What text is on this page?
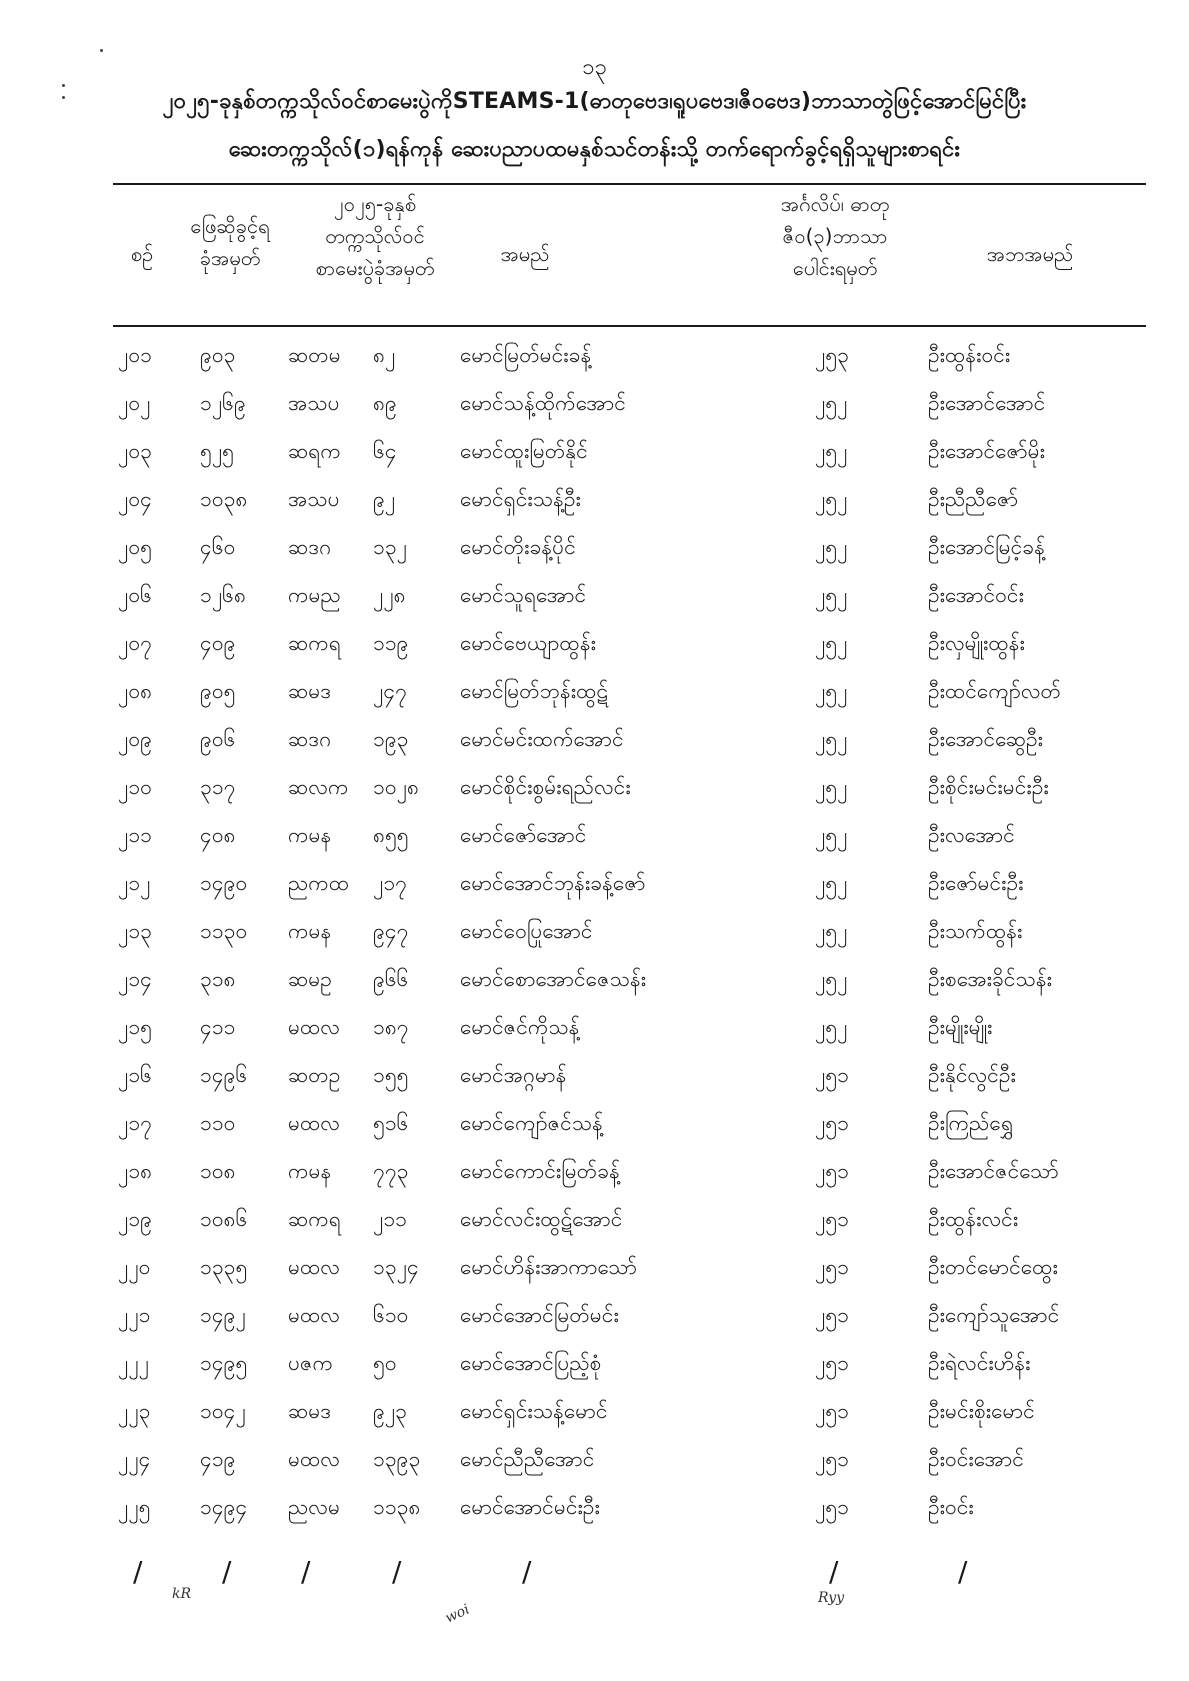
၁၃
၂၀၂၅-ခုနှစ်တက္ကသိုလ်ဝင်စာမေးပွဲကိုSTEAMS-1(ဓာတုဗေဒ၊ရူပဗေဒ၊ဇီဝဗေဒ)ဘာသာတွဲဖြင့်အောင်မြင်ပြီး
ဆေးတက္ကသိုလ်(၁)ရန်ကုန် ဆေးပညာပထမနှစ်သင်တန်းသို့ တက်ရောက်ခွင့်ရရှိသူများစာရင်း
စဉ်
ဖြေဆိုခွင့်ရ
ခုံအမှတ်
၂၀၂၅-ခုနှစ်
တက္ကသိုလ်ဝင်
စာမေးပွဲခုံအမှတ်
အမည်
အင်္ဂလိပ်၊ ဓာတု
ဇီဝ(၃)ဘာသာ
ပေါင်းရမှတ်
အဘအမည်
၂၀၁ ၉၀၃	ဆတမ ၈၂	မောင်မြတ်မင်းခန့်	၂၅၃	ဦးထွန်းဝင်း
၂၀၂ ၁၂၆၉ အသပ ၈၉	မောင်သန့်ထိုက်အောင်	၂၅၂	ဦးအောင်အောင်
၂၀၃ ၅၂၅	ဆရက ၆၄	မောင်ထူးမြတ်နိုင်	၂၅၂	ဦးအောင်ဇော်မိုး
၂၀၄ ၁၀၃၈ အသပ ၉၂	မောင်ရှင်းသန့်ဦး	၂၅၂	ဦးညီညီဇော်
၂၀၅ ၄၆၀	ဆဒဂ ၁၃၂	မောင်တိုးခန့်ပိုင်	၂၅၂	ဦးအောင်မြင့်ခန့်
၂၀၆ ၁၂၆၈ ကမည ၂၂၈	မောင်သူရအောင်	၂၅၂	ဦးအောင်ဝင်း
၂၀၇ ၄၀၉	ဆကရ ၁၁၉ မောင်ဗေယျာထွန်း	၂၅၂	ဦးလှမျိုးထွန်း
၂၀၈ ၉၀၅	ဆမဒ ၂၄၇	မောင်မြတ်ဘုန်းထွဋ်	၂၅၂	ဦးထင်ကျော်လတ်
၂၀၉ ၉၀၆	ဆဒဂ ၁၉၃ မောင်မင်းထက်အောင်	၂၅၂	ဦးအောင်ဆွေဦး
၂၁၀ ၃၁၇	ဆလက ၁၀၂၈ မောင်စိုင်းစွမ်းရည်လင်း	၂၅၂	ဦးစိုင်းမင်းမင်းဦး
၂၁၁ ၄၀၈ ကမန ၈၅၅ မောင်ဇော်အောင်	၂၅၂	ဦးလအောင်
၂၁၂ ၁၄၉၀ ညကထ ၂၁၇	မောင်အောင်ဘုန်းခန့်ဇော်	၂၅၂	ဦးဇော်မင်းဦး
၂၁၃ ၁၁၃၀ ကမန ၉၄၇ မောင်ဝေပြုအောင်	၂၅၂	ဦးသက်ထွန်း
၂၁၄ ၃၁၈ ဆမဥ ၉၆၆ မောင်စောအောင်ဇေသန်း	၂၅၂	ဦးစအေးခိုင်သန်း
၂၁၅ ၄၁၁	မထလ ၁၈၇ မောင်ဇင်ကိုသန့်	၂၅၂	ဦးမျိုးမျိုး
၂၁၆ ၁၄၉၆ ဆတဥ ၁၅၅ မောင်အဂ္ဂမာန်	၂၅၁	ဦးနိုင်လွင်ဦး
၂၁၇ ၁၁၀	မထလ ၅၁၆ မောင်ကျော်ဇင်သန့်	၂၅၁	ဦးကြည်ရွှေ
၂၁၈ ၁၀၈ ကမန ၇၇၃ မောင်ကောင်းမြတ်ခန့်	၂၅၁	ဦးအောင်ဇင်သော်
၂၁၉ ၁၀၈၆ ဆကရ ၂၁၁	မောင်လင်းထွဋ်အောင်	၂၅၁	ဦးထွန်းလင်း
၂၂၀ ၁၃၃၅ မထလ ၁၃၂၄ မောင်ဟိန်းအာကာသော်	၂၅၁	ဦးတင်မောင်ထွေး
၂၂၁ ၁၄၉၂ မထလ ၆၁၀ မောင်အောင်မြတ်မင်း	၂၅၁	ဦးကျော်သူအောင်
၂၂၂ ၁၄၉၅ ပဇက ၅၀	မောင်အောင်ပြည့်စုံ	၂၅၁	ဦးရဲလင်းဟိန်း
၂၂၃ ၁၀၄၂ ဆမဒ ၉၂၃	မောင်ရှင်းသန့်မောင်	၂၅၁	ဦးမင်းစိုးမောင်
၂၂၄ ၄၁၉	မထလ ၁၃၉၃ မောင်ညီညီအောင်	၂၅၁	ဦးဝင်းအောင်
၂၂၅ ၁၄၉၄ ညလမ ၁၁၃၈ မောင်အောင်မင်းဦး	၂၅၁	ဦးဝင်း
/	/ /	/	/	/	/
kR
woi
Ryy
